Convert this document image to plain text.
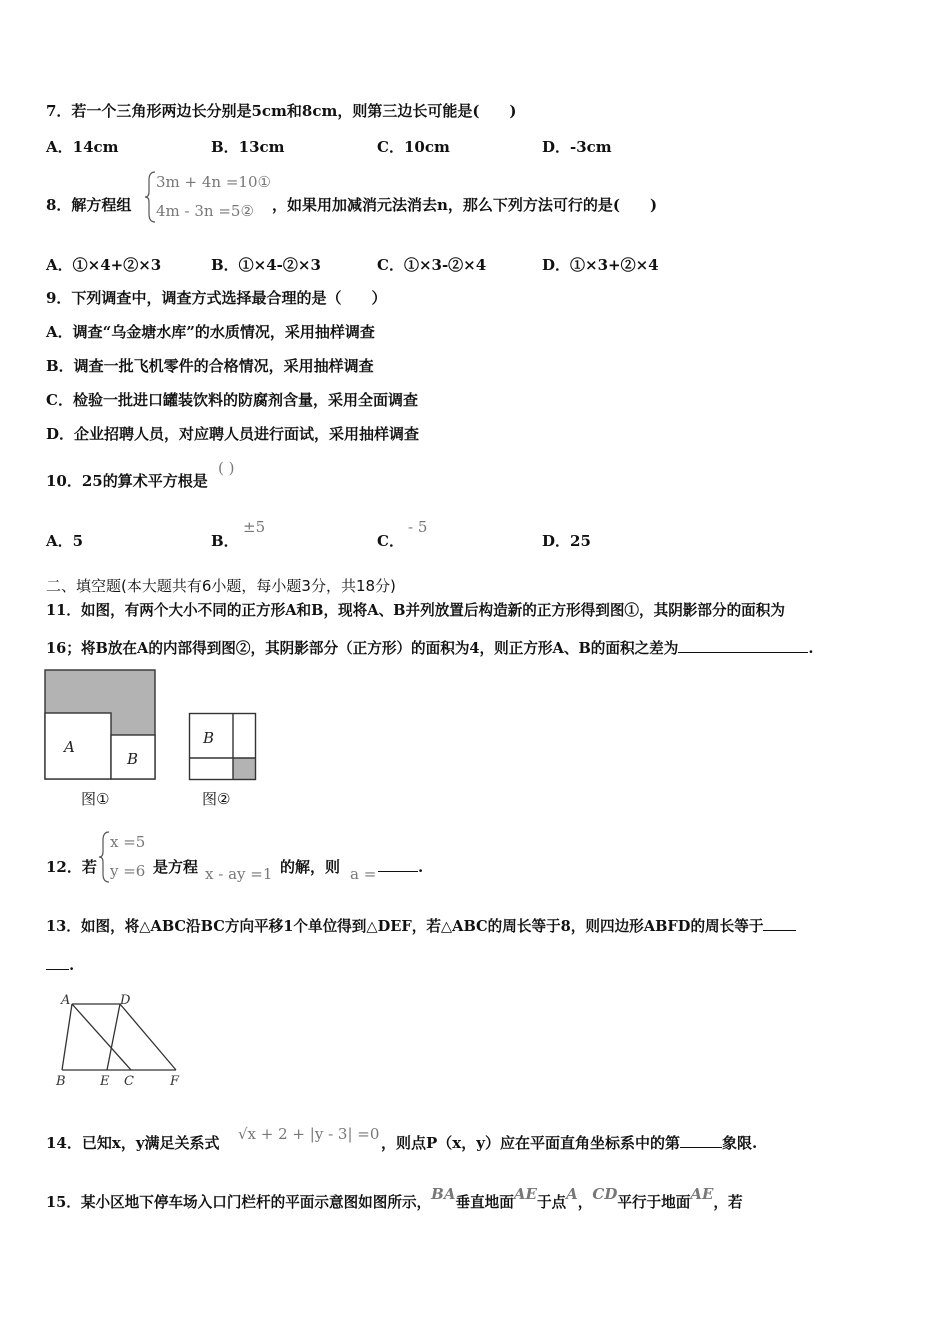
7．若一个三角形两边长分别是5cm和8cm，则第三边长可能是(　　)
A．14cm	B．13cm	C．10cm	D．-3cm
8．解方程组
3m + 4n =10①
4m - 3n =5② ，如果用加减消元法消去n，那么下列方法可行的是(　　)
A．①×4+②×3	B．①×4-②×3	C．①×3-②×4	D．①×3+②×4
9．下列调查中，调查方式选择最合理的是（　　）
A．调查“乌金塘水库”的水质情况，采用抽样调查
B．调查一批飞机零件的合格情况，采用抽样调查
C．检验一批进口罐装饮料的防腐剂含量，采用全面调查
D．企业招聘人员，对应聘人员进行面试，采用抽样调查
10．25的算术平方根是
( )
A．5	B．
±5
C．
- 5
D．25
二、填空题(本大题共有6小题，每小题3分，共18分)
11．如图，有两个大小不同的正方形A和B，现将A、B并列放置后构造新的正方形得到图①，其阴影部分的面积为
16；将B放在A的内部得到图②，其阴影部分（正方形）的面积为4，则正方形A、B的面积之差为	.
A
B
图①
B
图②
12．若
x =5
y =6 是方程 x - ay =1 的解，则 a =	.
13．如图，将△ABC沿BC方向平移1个单位得到△DEF，若△ABC的周长等于8，则四边形ABFD的周长等于
.
A	D
B	E C	F
14．已知x，y满足关系式 √x + 2 + |y - 3| =0 ，则点P（x，y）应在平面直角坐标系中的第	象限.
15．某小区地下停车场入口门栏杆的平面示意图如图所示，BA垂直地面AE于点A，CD平行于地面AE，若
